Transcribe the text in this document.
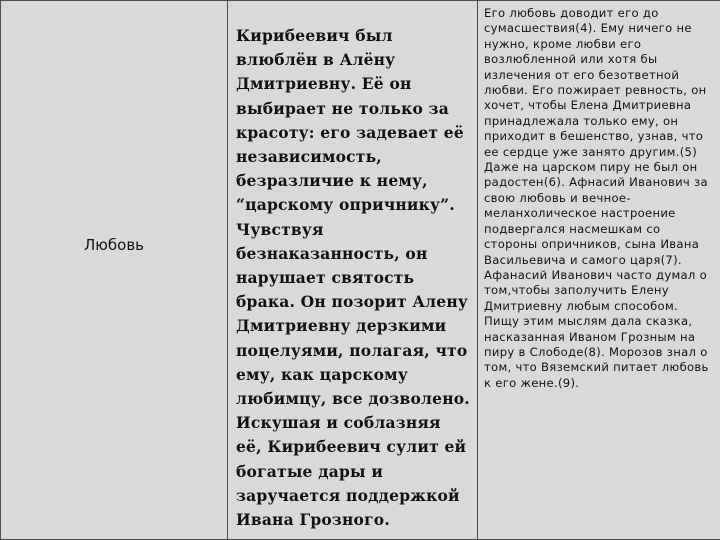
Любовь
Кирибеевич был влюблён в Алёну Дмитриевну. Её он выбирает не только за красоту: его задевает её независимость, безразличие к нему, “царскому опричнику”. Чувствуя безнаказанность, он нарушает святость брака. Он позорит Алену Дмитриевну дерзкими поцелуями, полагая, что ему, как царскому любимцу, все дозволено. Искушая и соблазняя её, Кирибеевич сулит ей богатые дары и заручается поддержкой Ивана Грозного.
Его любовь доводит его до сумасшествия(4). Ему ничего не нужно, кроме любви его возлюбленной или хотя бы излечения от его безответной любви. Его пожирает ревность, он хочет, чтобы Елена Дмитриевна принадлежала только ему, он приходит в бешенство, узнав, что ее сердце уже занято другим.(5) Даже на царском пиру не был он радостен(6). Афнасий Иванович за свою любовь и вечное-меланхолическое настроение подвергался насмешкам со стороны опричников, сына Ивана Васильевича и самого царя(7). Афанасий Иванович часто думал о том,чтобы заполучить Елену Дмитриевну любым способом. Пищу этим мыслям дала сказка, насказанная Иваном Грозным на пиру в Слободе(8). Морозов знал о том, что Вяземский питает любовь к его жене.(9).
